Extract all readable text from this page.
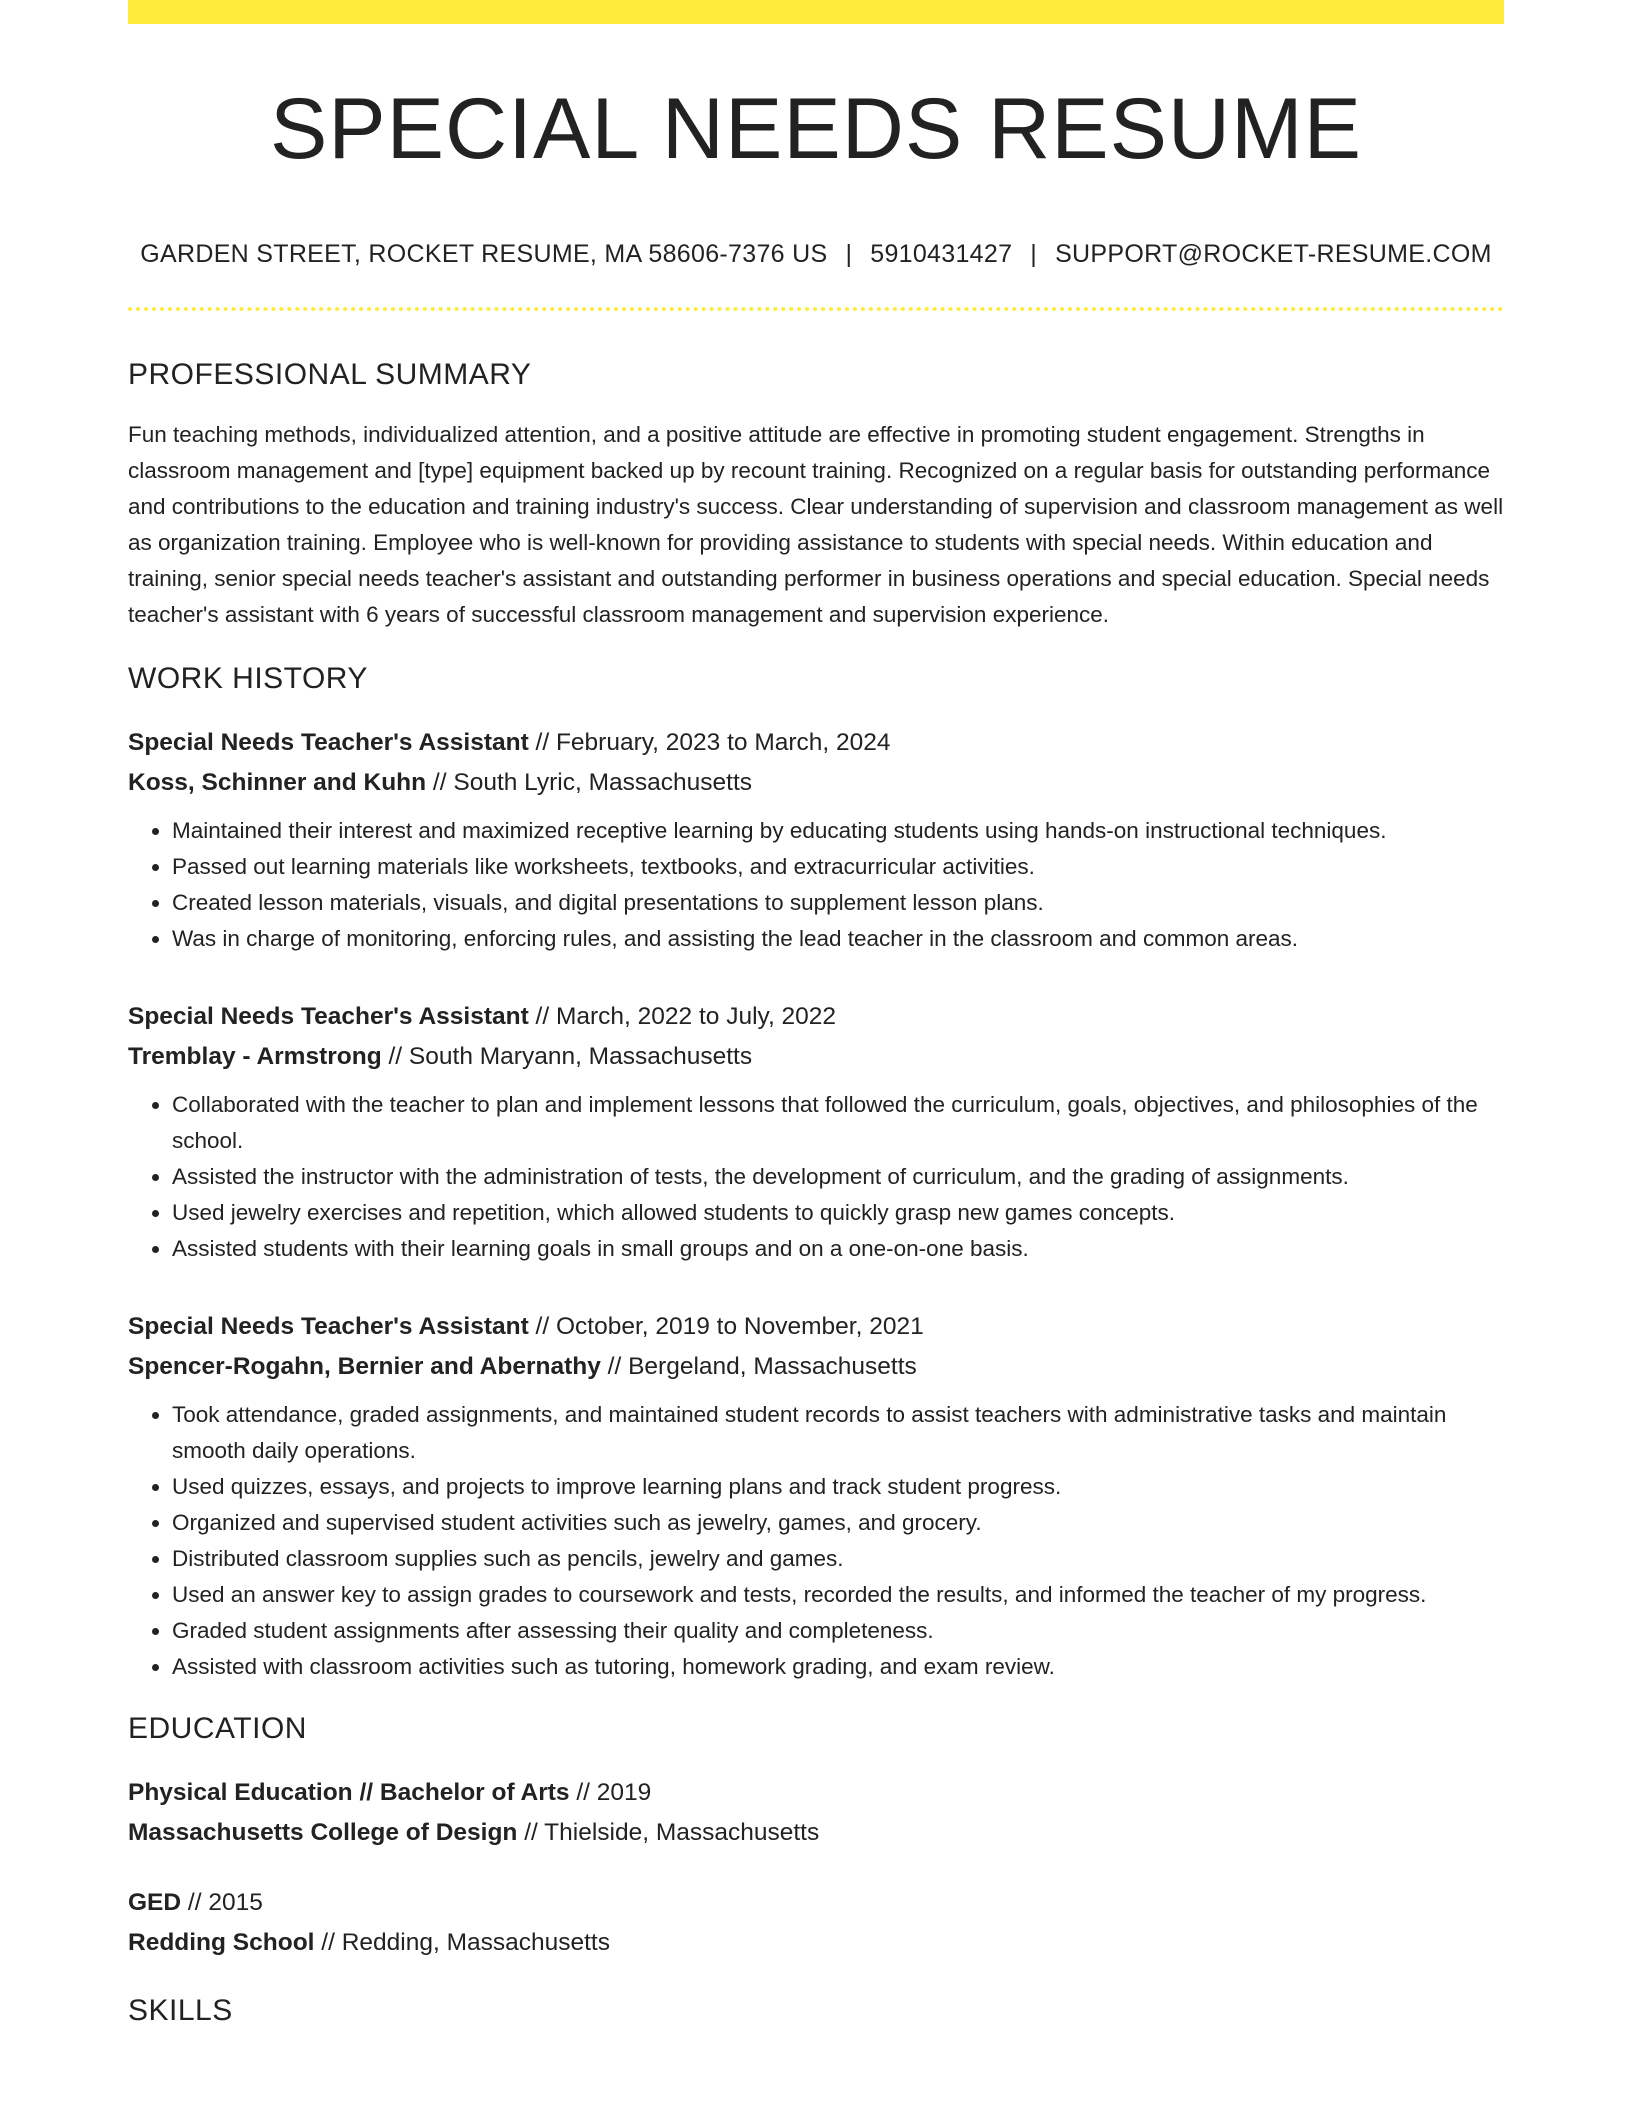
SPECIAL NEEDS RESUME
GARDEN STREET, ROCKET RESUME, MA 58606-7376 US | 5910431427 | SUPPORT@ROCKET-RESUME.COM
PROFESSIONAL SUMMARY
Fun teaching methods, individualized attention, and a positive attitude are effective in promoting student engagement. Strengths in classroom management and [type] equipment backed up by recount training. Recognized on a regular basis for outstanding performance and contributions to the education and training industry's success. Clear understanding of supervision and classroom management as well as organization training. Employee who is well-known for providing assistance to students with special needs. Within education and training, senior special needs teacher's assistant and outstanding performer in business operations and special education. Special needs teacher's assistant with 6 years of successful classroom management and supervision experience.
WORK HISTORY
Special Needs Teacher's Assistant // February, 2023 to March, 2024
Koss, Schinner and Kuhn // South Lyric, Massachusetts
• Maintained their interest and maximized receptive learning by educating students using hands-on instructional techniques.
• Passed out learning materials like worksheets, textbooks, and extracurricular activities.
• Created lesson materials, visuals, and digital presentations to supplement lesson plans.
• Was in charge of monitoring, enforcing rules, and assisting the lead teacher in the classroom and common areas.
Special Needs Teacher's Assistant // March, 2022 to July, 2022
Tremblay - Armstrong // South Maryann, Massachusetts
• Collaborated with the teacher to plan and implement lessons that followed the curriculum, goals, objectives, and philosophies of the school.
• Assisted the instructor with the administration of tests, the development of curriculum, and the grading of assignments.
• Used jewelry exercises and repetition, which allowed students to quickly grasp new games concepts.
• Assisted students with their learning goals in small groups and on a one-on-one basis.
Special Needs Teacher's Assistant // October, 2019 to November, 2021
Spencer-Rogahn, Bernier and Abernathy // Bergeland, Massachusetts
• Took attendance, graded assignments, and maintained student records to assist teachers with administrative tasks and maintain smooth daily operations.
• Used quizzes, essays, and projects to improve learning plans and track student progress.
• Organized and supervised student activities such as jewelry, games, and grocery.
• Distributed classroom supplies such as pencils, jewelry and games.
• Used an answer key to assign grades to coursework and tests, recorded the results, and informed the teacher of my progress.
• Graded student assignments after assessing their quality and completeness.
• Assisted with classroom activities such as tutoring, homework grading, and exam review.
EDUCATION
Physical Education // Bachelor of Arts // 2019
Massachusetts College of Design // Thielside, Massachusetts
GED // 2015
Redding School // Redding, Massachusetts
SKILLS
